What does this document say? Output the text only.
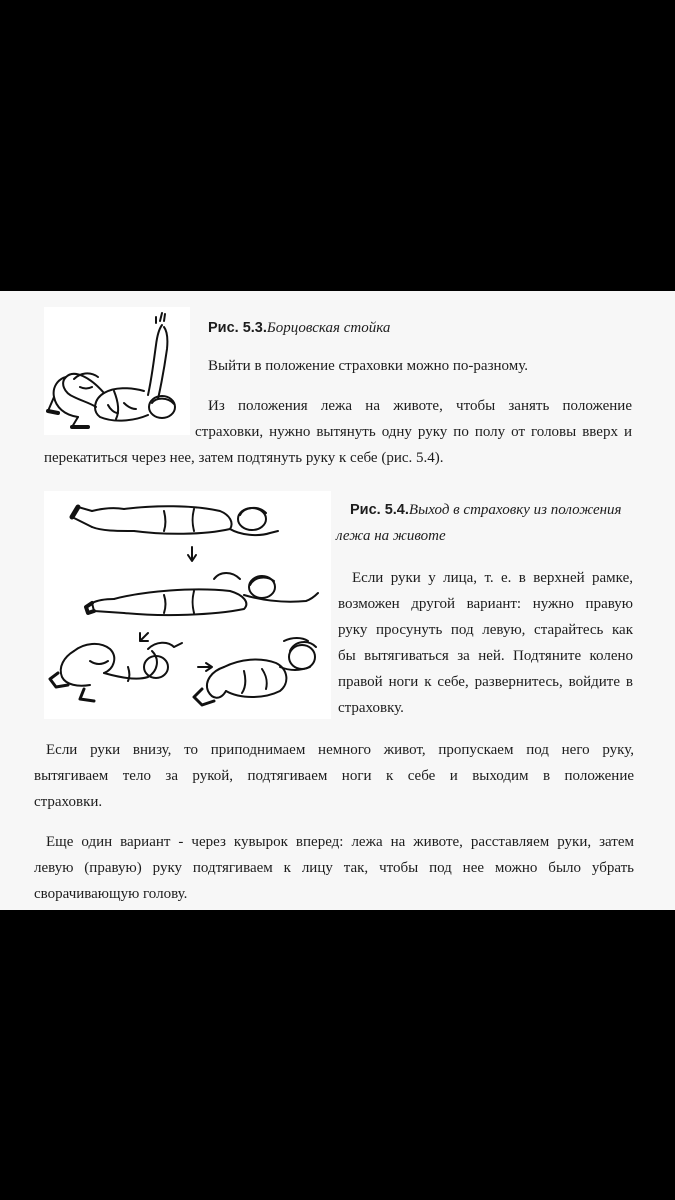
Рис. 5.3.Борцовская стойка

Выйти в положение страховки можно по-разному.

Из положения лежа на животе, чтобы занять положение

страховки, нужно вытянуть одну руку по полу от головы вверх и

перекатиться через нее, затем подтянуть руку к себе (рис. 5.4).

Рис. 5.4.Выход в страховку из положения

лежа на животе

Если руки у лица, т. е. в верхней рамке,

возможен другой вариант: нужно правую

руку просунуть под левую, старайтесь как

бы вытягиваться за ней. Подтяните колено

правой ноги к себе, развернитесь, войдите в

страховку.

Если руки внизу, то приподнимаем немного живот, пропускаем под него руку,

вытягиваем тело за рукой, подтягиваем ноги к себе и выходим в положение

страховки.

Еще один вариант - через кувырок вперед: лежа на животе, расставляем руки, затем

левую (правую) руку подтягиваем к лицу так, чтобы под нее можно было убрать

сворачивающую голову.
